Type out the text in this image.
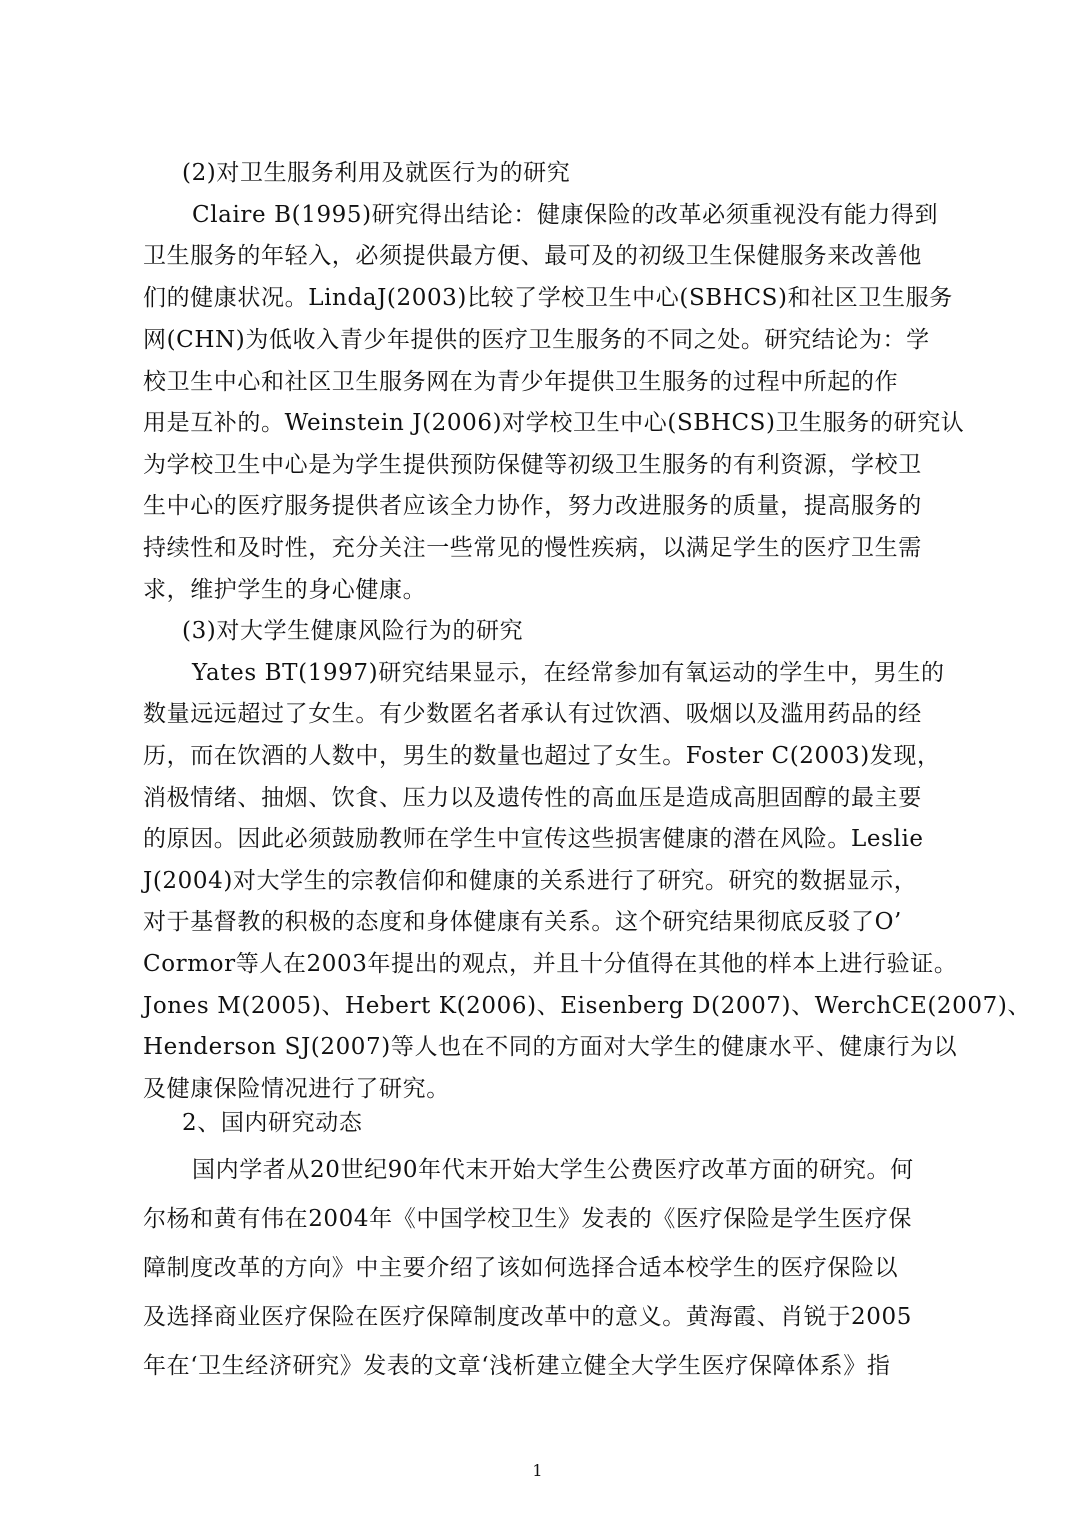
(2)对卫生服务利用及就医行为的研究
Claire B(1995)研究得出结论：健康保险的改革必须重视没有能力得到
卫生服务的年轻入，必须提供最方便、最可及的初级卫生保健服务来改善他
们的健康状况。LindaJ(2003)比较了学校卫生中心(SBHCS)和社区卫生服务
网(CHN)为低收入青少年提供的医疗卫生服务的不同之处。研究结论为：学
校卫生中心和社区卫生服务网在为青少年提供卫生服务的过程中所起的作
用是互补的。Weinstein J(2006)对学校卫生中心(SBHCS)卫生服务的研究认
为学校卫生中心是为学生提供预防保健等初级卫生服务的有利资源，学校卫
生中心的医疗服务提供者应该全力协作，努力改进服务的质量，提高服务的
持续性和及时性，充分关注一些常见的慢性疾病，以满足学生的医疗卫生需
求，维护学生的身心健康。
(3)对大学生健康风险行为的研究
Yates BT(1997)研究结果显示，在经常参加有氧运动的学生中，男生的
数量远远超过了女生。有少数匿名者承认有过饮酒、吸烟以及滥用药品的经
历，而在饮酒的人数中，男生的数量也超过了女生。Foster C(2003)发现，
消极情绪、抽烟、饮食、压力以及遗传性的高血压是造成高胆固醇的最主要
的原因。因此必须鼓励教师在学生中宣传这些损害健康的潜在风险。Leslie
J(2004)对大学生的宗教信仰和健康的关系进行了研究。研究的数据显示，
对于基督教的积极的态度和身体健康有关系。这个研究结果彻底反驳了O’
Cormor等人在2003年提出的观点，并且十分值得在其他的样本上进行验证。
Jones M(2005)、Hebert K(2006)、Eisenberg D(2007)、WerchCE(2007)、
Henderson SJ(2007)等人也在不同的方面对大学生的健康水平、健康行为以
及健康保险情况进行了研究。
2、国内研究动态
国内学者从20世纪90年代末开始大学生公费医疗改革方面的研究。何
尔杨和黄有伟在2004年《中国学校卫生》发表的《医疗保险是学生医疗保
障制度改革的方向》中主要介绍了该如何选择合适本校学生的医疗保险以
及选择商业医疗保险在医疗保障制度改革中的意义。黄海霞、肖锐于2005
年在‘卫生经济研究》发表的文章‘浅析建立健全大学生医疗保障体系》指
1
